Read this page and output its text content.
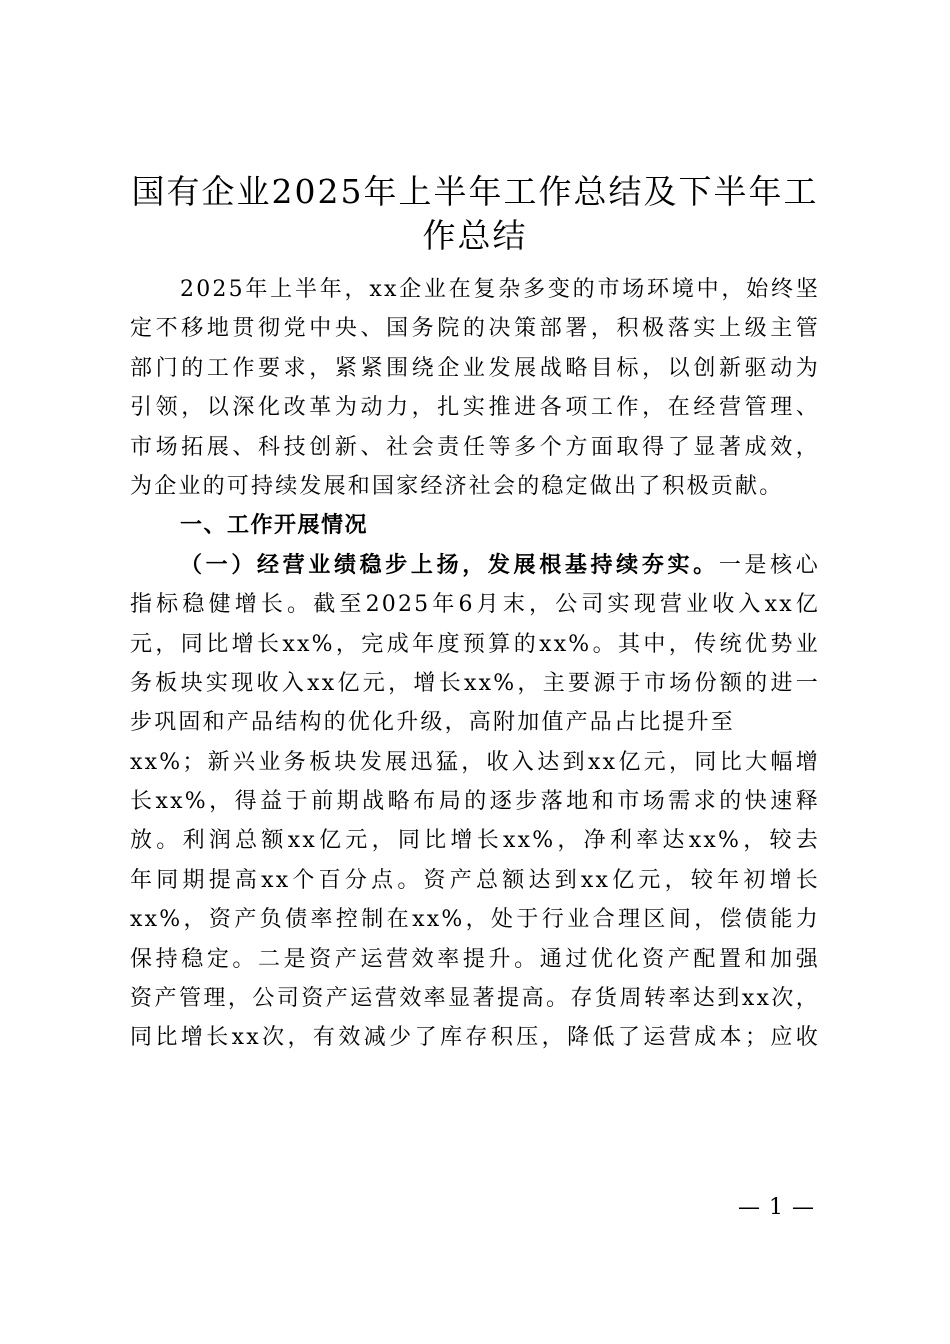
国有企业2025年上半年工作总结及下半年工
作总结
2025年上半年，xx企业在复杂多变的市场环境中，始终坚
定不移地贯彻党中央、国务院的决策部署，积极落实上级主管
部门的工作要求，紧紧围绕企业发展战略目标，以创新驱动为
引领，以深化改革为动力，扎实推进各项工作，在经营管理、
市场拓展、科技创新、社会责任等多个方面取得了显著成效，
为企业的可持续发展和国家经济社会的稳定做出了积极贡献。
一、工作开展情况
（一）经营业绩稳步上扬，发展根基持续夯实。一是核心
指标稳健增长。截至2025年6月末，公司实现营业收入xx亿
元，同比增长xx%，完成年度预算的xx%。其中，传统优势业
务板块实现收入xx亿元，增长xx%，主要源于市场份额的进一
步巩固和产品结构的优化升级，高附加值产品占比提升至
xx%；新兴业务板块发展迅猛，收入达到xx亿元，同比大幅增
长xx%，得益于前期战略布局的逐步落地和市场需求的快速释
放。利润总额xx亿元，同比增长xx%，净利率达xx%，较去
年同期提高xx个百分点。资产总额达到xx亿元，较年初增长
xx%，资产负债率控制在xx%，处于行业合理区间，偿债能力
保持稳定。二是资产运营效率提升。通过优化资产配置和加强
资产管理，公司资产运营效率显著提高。存货周转率达到xx次，
同比增长xx次，有效减少了库存积压，降低了运营成本；应收
— 1 —
